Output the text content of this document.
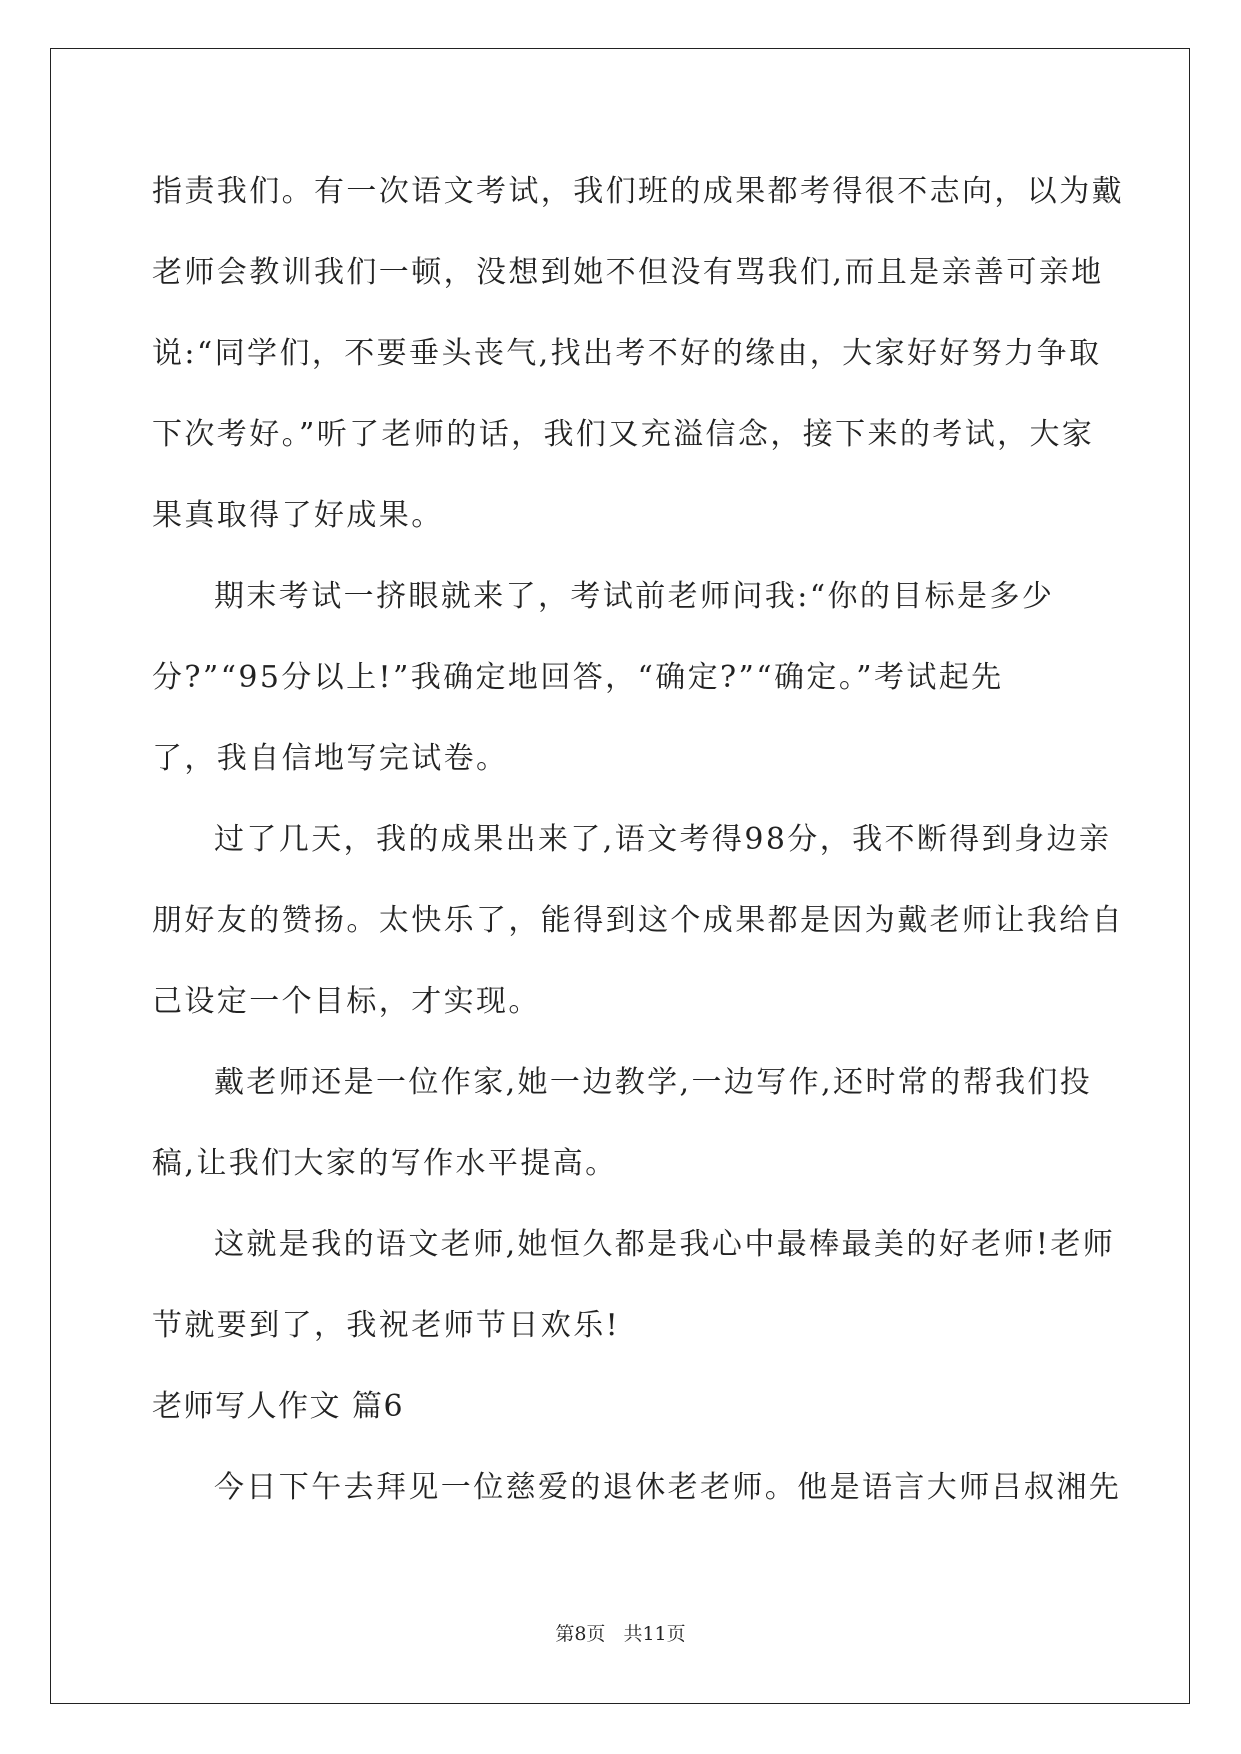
指责我们。有一次语文考试，我们班的成果都考得很不志向，以为戴

老师会教训我们一顿，没想到她不但没有骂我们,而且是亲善可亲地

说:“同学们，不要垂头丧气,找出考不好的缘由，大家好好努力争取

下次考好。”听了老师的话，我们又充溢信念，接下来的考试，大家

果真取得了好成果。

期末考试一挤眼就来了，考试前老师问我:“你的目标是多少

分?”“95分以上!”我确定地回答，“确定?”“确定。”考试起先

了，我自信地写完试卷。

过了几天，我的成果出来了,语文考得98分，我不断得到身边亲

朋好友的赞扬。太快乐了，能得到这个成果都是因为戴老师让我给自

己设定一个目标，才实现。

戴老师还是一位作家,她一边教学,一边写作,还时常的帮我们投

稿,让我们大家的写作水平提高。

这就是我的语文老师,她恒久都是我心中最棒最美的好老师!老师

节就要到了，我祝老师节日欢乐!

老师写人作文 篇6

今日下午去拜见一位慈爱的退休老老师。他是语言大师吕叔湘先

第8页 共11页
